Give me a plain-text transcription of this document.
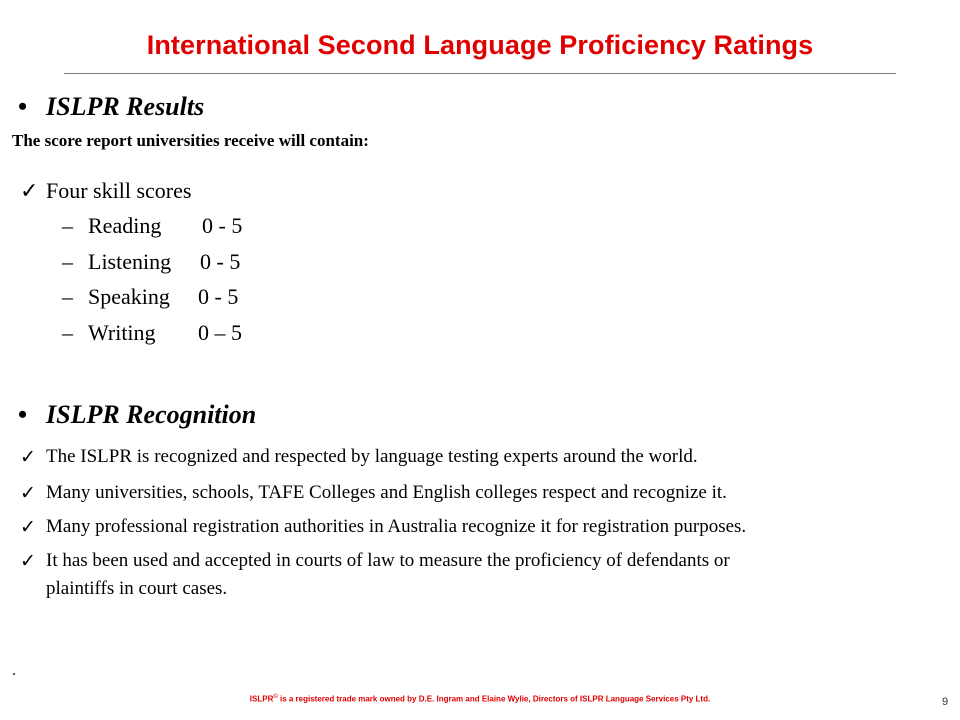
International Second Language Proficiency Ratings
• ISLPR Results
The score report universities receive will contain:
✓ Four skill scores
– Reading 0 - 5
– Listening 0 - 5
– Speaking 0 - 5
– Writing 0 – 5
• ISLPR Recognition
✓ The ISLPR is recognized and respected by language testing experts around the world.
✓ Many universities, schools, TAFE Colleges and English colleges respect and recognize it.
✓ Many professional registration authorities in Australia recognize it for registration purposes.
✓ It has been used and accepted in courts of law to measure the proficiency of defendants or
plaintiffs in court cases.
.
ISLPR© is a registered trade mark owned by D.E. Ingram and Elaine Wylie, Directors of ISLPR Language Services Pty Ltd.	9
